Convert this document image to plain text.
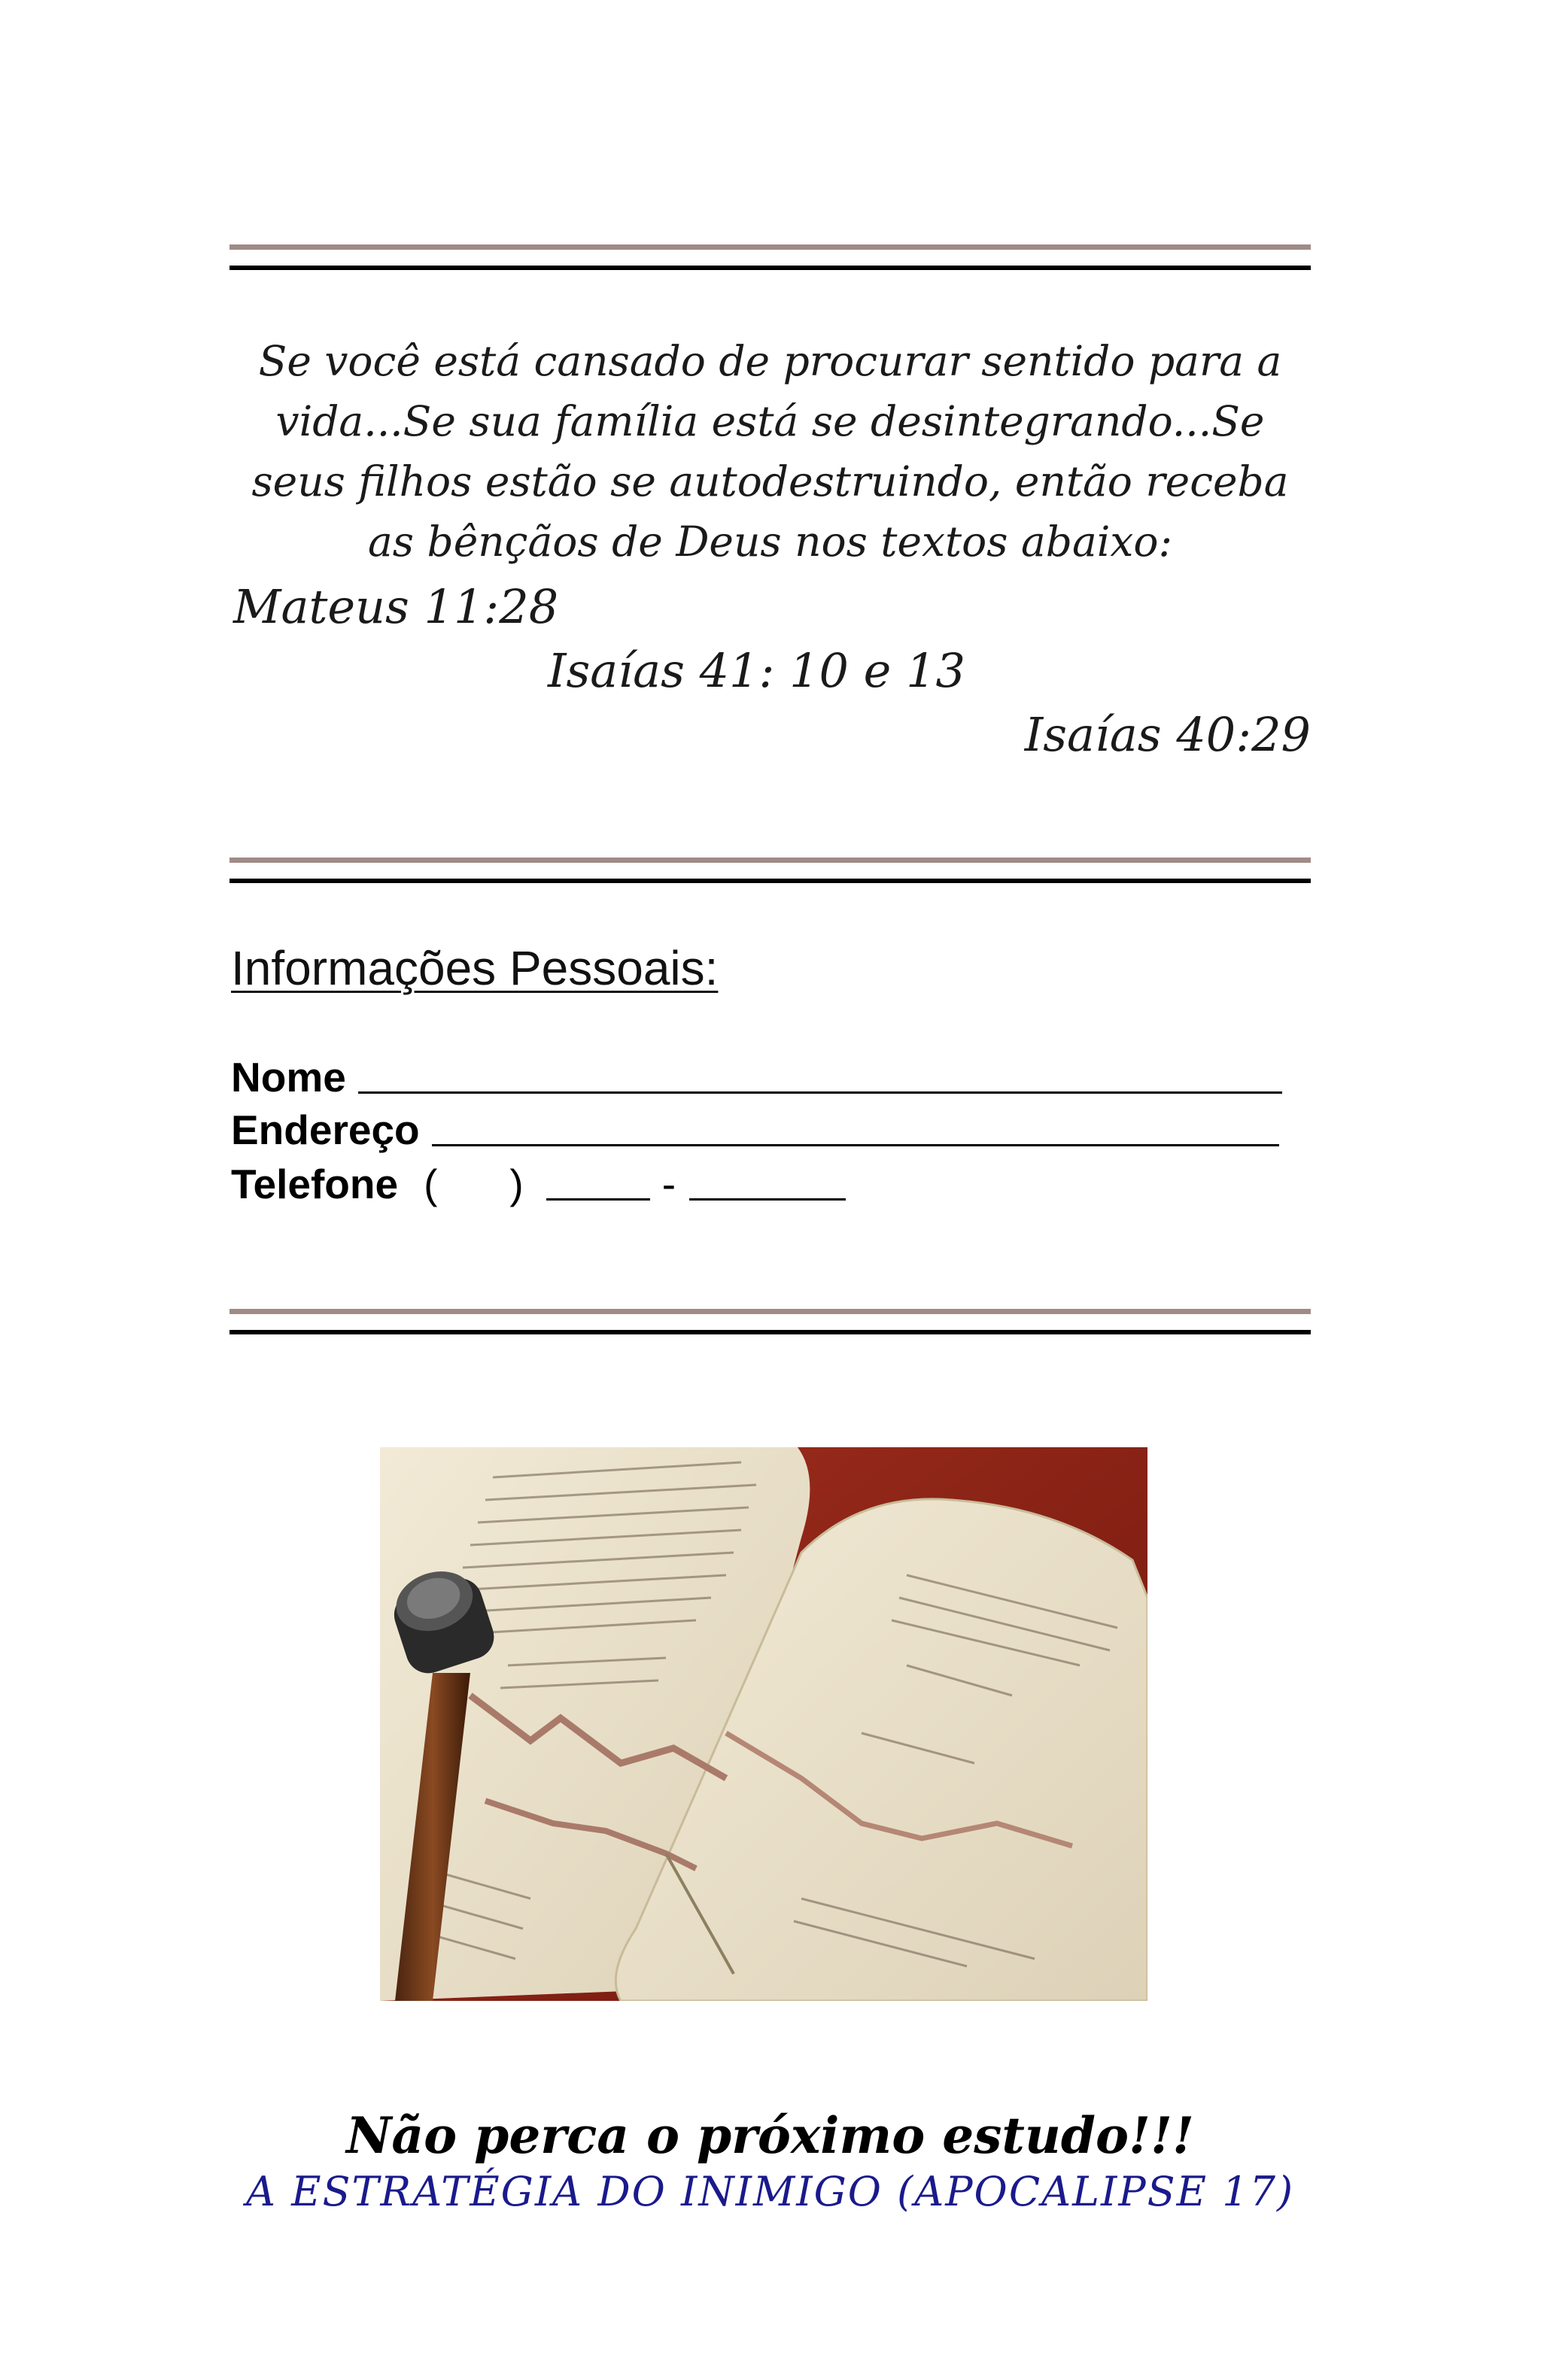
Se você está cansado de procurar sentido para a vida...Se sua família está se desintegrando...Se seus filhos estão se autodestruindo, então receba as bênçãos de Deus nos textos abaixo:
Mateus 11:28
Isaías 41: 10 e 13
Isaías 40:29
Informações Pessoais:
Nome
Endereço
Telefone ( )	-
Não perca o próximo estudo!!!
A ESTRATÉGIA DO INIMIGO (APOCALIPSE 17)
